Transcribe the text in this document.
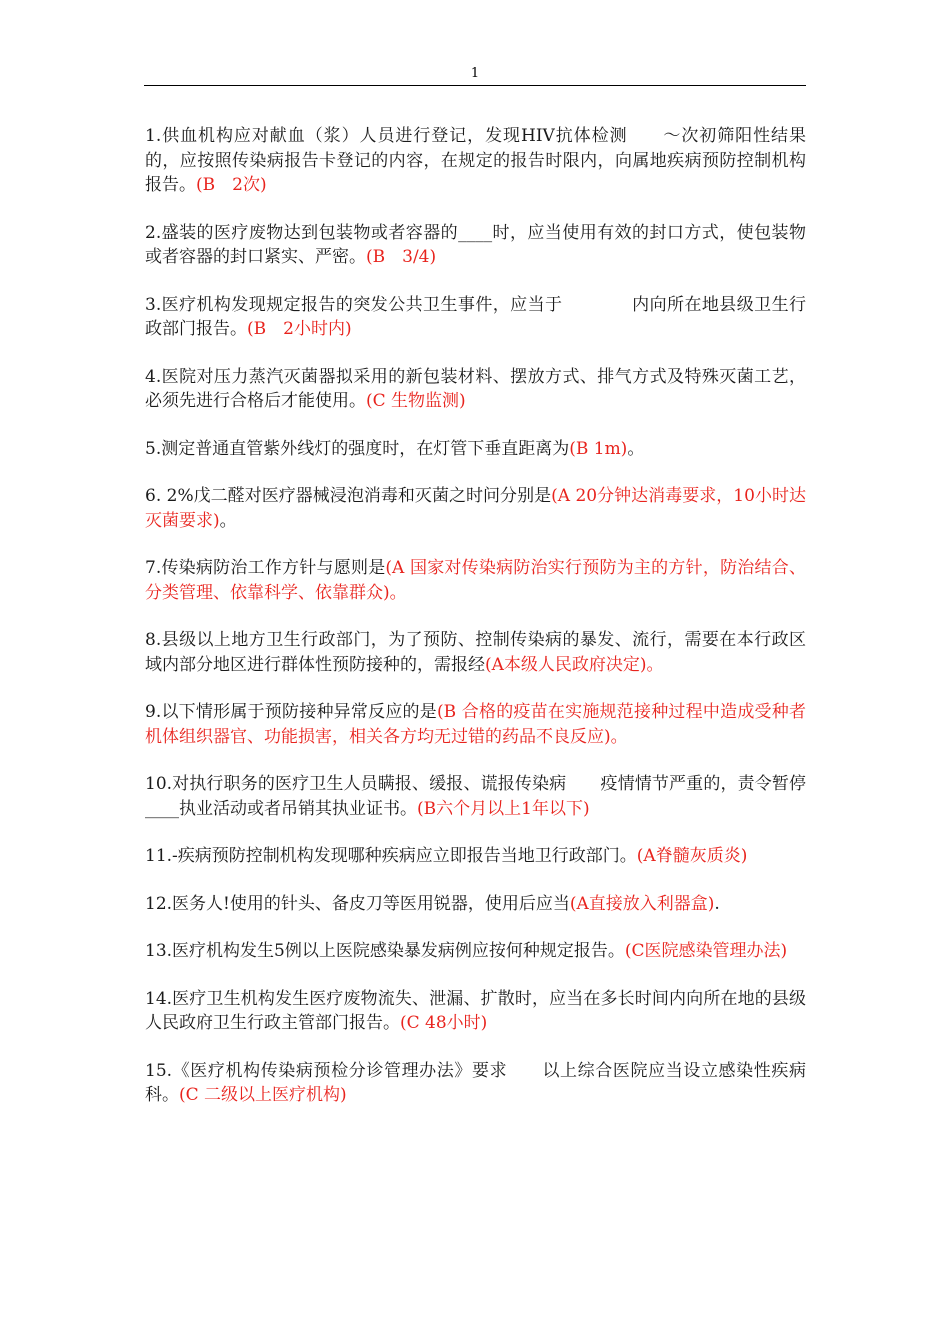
1

1.供血机构应对献血（浆）人员进行登记，发现HIV抗体检测　　～次初筛阳性结果的，应按照传染病报告卡登记的内容，在规定的报告时限内，向属地疾病预防控制机构报告。(B　2次)

2.盛装的医疗废物达到包装物或者容器的____时，应当使用有效的封口方式，使包装物或者容器的封口紧实、严密。(B　3/4)

3.医疗机构发现规定报告的突发公共卫生事件，应当于　　　　内向所在地县级卫生行政部门报告。(B　2小时内)

4.医院对压力蒸汽灭菌器拟采用的新包装材料、摆放方式、排气方式及特殊灭菌工艺，必须先进行合格后才能使用。(C 生物监测)

5.测定普通直管紫外线灯的强度时，在灯管下垂直距离为(B 1m)。

6. 2%戊二醛对医疗器械浸泡消毒和灭菌之时问分别是(A 20分钟达消毒要求，10小时达灭菌要求)。

7.传染病防治工作方针与愿则是(A 国家对传染病防治实行预防为主的方针，防治结合、分类管理、依靠科学、依靠群众)。

8.县级以上地方卫生行政部门，为了预防、控制传染病的暴发、流行，需要在本行政区域内部分地区进行群体性预防接种的，需报经(A本级人民政府决定)。

9.以下情形属于预防接种异常反应的是(B 合格的疫苗在实施规范接种过程中造成受种者机体组织器官、功能损害，相关各方均无过错的药品不良反应)。

10.对执行职务的医疗卫生人员瞒报、缓报、谎报传染病　　疫情情节严重的，责令暂停____执业活动或者吊销其执业证书。(B六个月以上1年以下)

11.-疾病预防控制机构发现哪种疾病应立即报告当地卫行政部门。(A脊髓灰质炎)

12.医务人!使用的针头、备皮刀等医用锐器，使用后应当(A直接放入利器盒).

13.医疗机构发生5例以上医院感染暴发病例应按何种规定报告。(C医院感染管理办法)

14.医疗卫生机构发生医疗废物流失、泄漏、扩散时，应当在多长时间内向所在地的县级人民政府卫生行政主管部门报告。(C 48小时)

15.《医疗机构传染病预检分诊管理办法》要求　　以上综合医院应当设立感染性疾病科。(C 二级以上医疗机构)
